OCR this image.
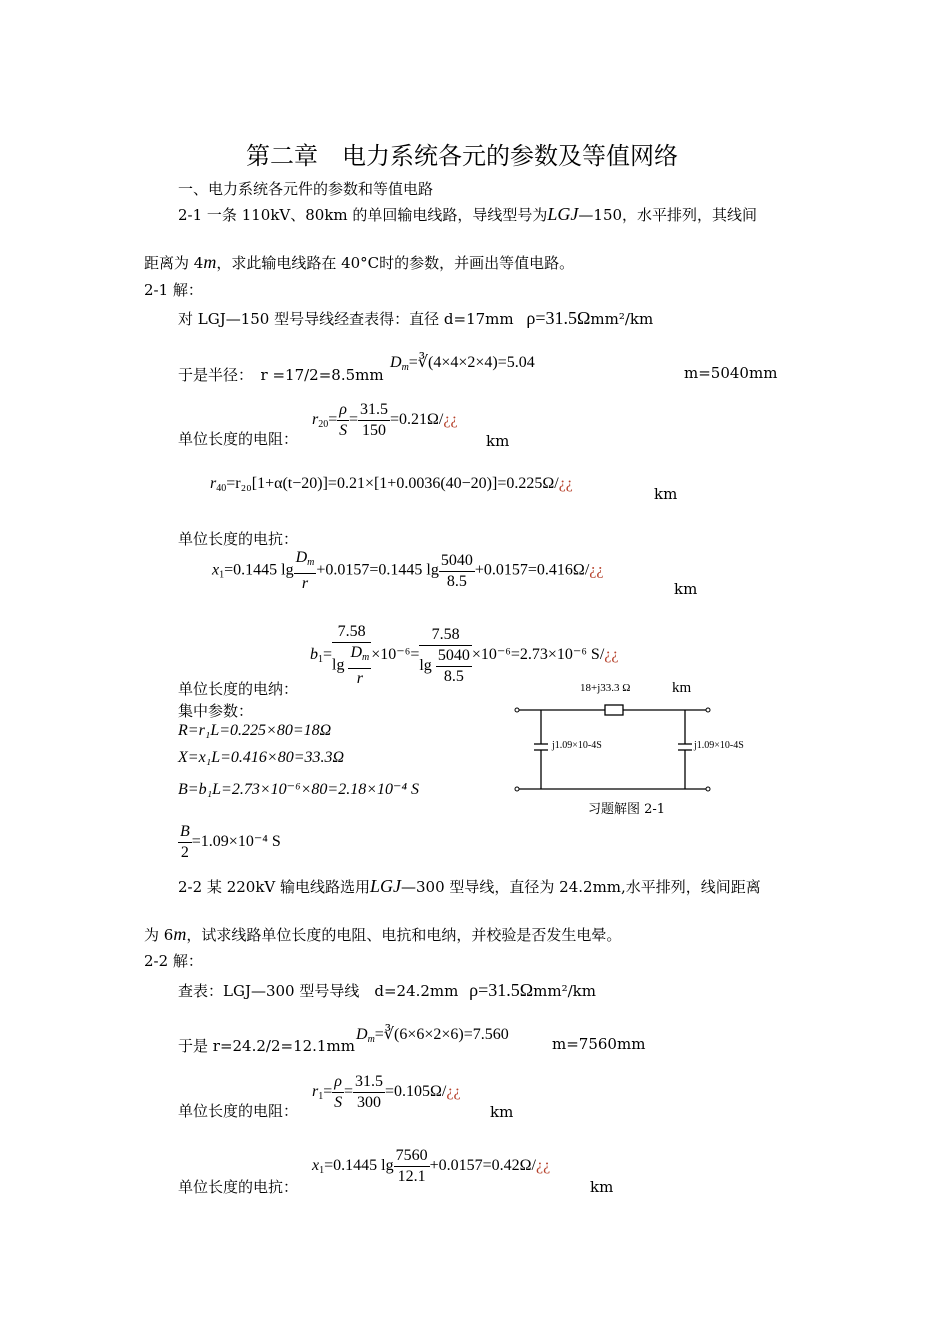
第二章　电力系统各元的参数及等值网络
一、电力系统各元件的参数和等值电路
2-1 一条 110kV、80km 的单回输电线路，导线型号为LGJ—150，水平排列，其线间
距离为 4m，求此输电线路在 40°C时的参数，并画出等值电路。
2-1 解：
对 LGJ—150 型号导线经查表得：直径 d=17mm ρ=31.5Ωmm²/km
于是半径：　 r =17/2=8.5mm
$D_m=∛(4\times 4\times 2\times 4)=5.04$
m=5040mm
单位长度的电阻：
$r_{20}= \frac{\rho}{S} = \frac{31.5}{150}$ =0.21Ω/¿¿
km
$r_{40}=r_{20}[1+\alpha(t-20)]=0.21\times[1+0.0036(40-20)]=0.225\Omega/¿¿$
km
单位长度的电抗：
$x_1=0.1445$ $\lg \frac{D_m}{r} +0.0157=0.1445$ $\lg \frac{5040}{8.5}$ +0.0157=0.416Ω/¿¿
km
$b_1= \frac{7.58}{\lg \frac{D_m}{r}} \times 10^{-6}= \frac{7.58}{\lg \frac{5040}{8.5}} \times 10^{-6}=2.73\times 10^{-6}$ S/¿¿
单位长度的电纳：
集中参数：
R=r₁L=0.225×80=18Ω
X=x₁L=0.416×80=33.3Ω
B=b₁L=2.73×10⁻⁶×80=2.18×10⁻⁴ S
$\frac{B}{2} =1.09\times 10^{-4}$ S
18+j33.3 Ω	km
j1.09×10-4S	j1.09×10-4S
习题解图 2-1
2-2 某 220kV 输电线路选用LGJ—300 型导线，直径为 24.2mm,水平排列，线间距离
为 6m，试求线路单位长度的电阻、电抗和电纳，并校验是否发生电晕。
2-2 解：
查表：LGJ—300 型号导线　d=24.2mm ρ=31.5Ωmm²/km
于是 r=24.2/2=12.1mm
$D_m=∛(6\times 6\times 2\times 6)=7.560$
m=7560mm
单位长度的电阻：
$r_1= \frac{\rho}{S} = \frac{31.5}{300}$ =0.105Ω/¿¿
km
单位长度的电抗：
$x_1=0.1445$ $\lg \frac{7560}{12.1}$ +0.0157=0.42Ω/¿¿
km
